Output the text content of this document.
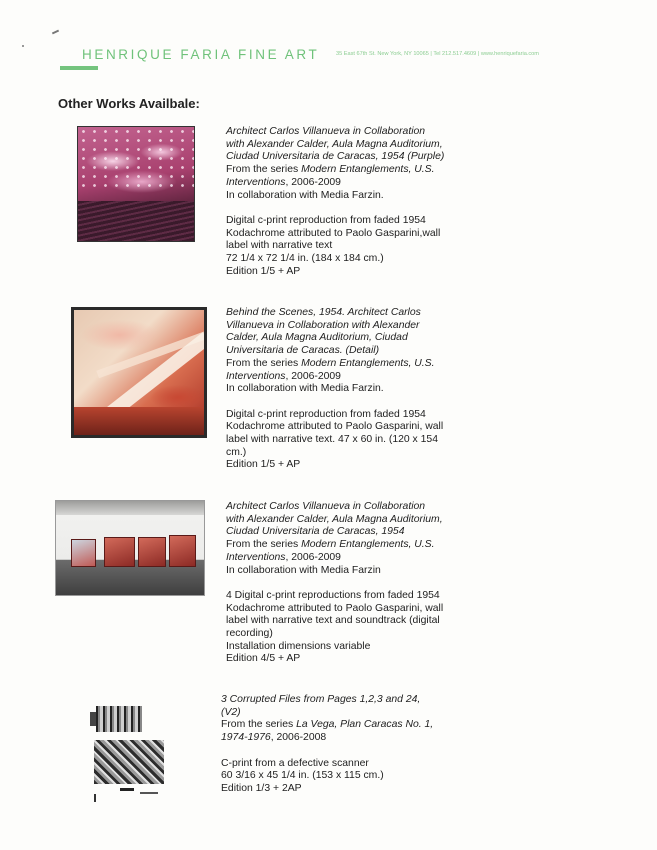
HENRIQUE FARIA FINE ART	35 East 67th St. New York, NY 10065 | Tel 212.517.4609 | www.henriquefaria.com
Other Works Availbale:
Architect Carlos Villanueva in Collaboration
with Alexander Calder, Aula Magna Auditorium,
Ciudad Universitaria de Caracas, 1954 (Purple)
From the series Modern Entanglements, U.S.
Interventions, 2006-2009
In collaboration with Media Farzin.
Digital c-print reproduction from faded 1954
Kodachrome attributed to Paolo Gasparini,wall
label with narrative text
72 1/4 x 72 1/4 in. (184 x 184 cm.)
Edition 1/5 + AP
Behind the Scenes, 1954. Architect Carlos
Villanueva in Collaboration with Alexander
Calder, Aula Magna Auditorium, Ciudad
Universitaria de Caracas. (Detail)
From the series Modern Entanglements, U.S.
Interventions, 2006-2009
In collaboration with Media Farzin.
Digital c-print reproduction from faded 1954
Kodachrome attributed to Paolo Gasparini, wall
label with narrative text. 47 x 60 in. (120 x 154
cm.)
Edition 1/5 + AP
Architect Carlos Villanueva in Collaboration
with Alexander Calder, Aula Magna Auditorium,
Ciudad Universitaria de Caracas, 1954
From the series Modern Entanglements, U.S.
Interventions, 2006-2009
In collaboration with Media Farzin
4 Digital c-print reproductions from faded 1954
Kodachrome attributed to Paolo Gasparini, wall
label with narrative text and soundtrack (digital
recording)
Installation dimensions variable
Edition 4/5 + AP
3 Corrupted Files from Pages 1,2,3 and 24,
(V2)
From the series La Vega, Plan Caracas No. 1,
1974-1976, 2006-2008
C-print from a defective scanner
60 3/16 x 45 1/4 in. (153 x 115 cm.)
Edition 1/3 + 2AP
